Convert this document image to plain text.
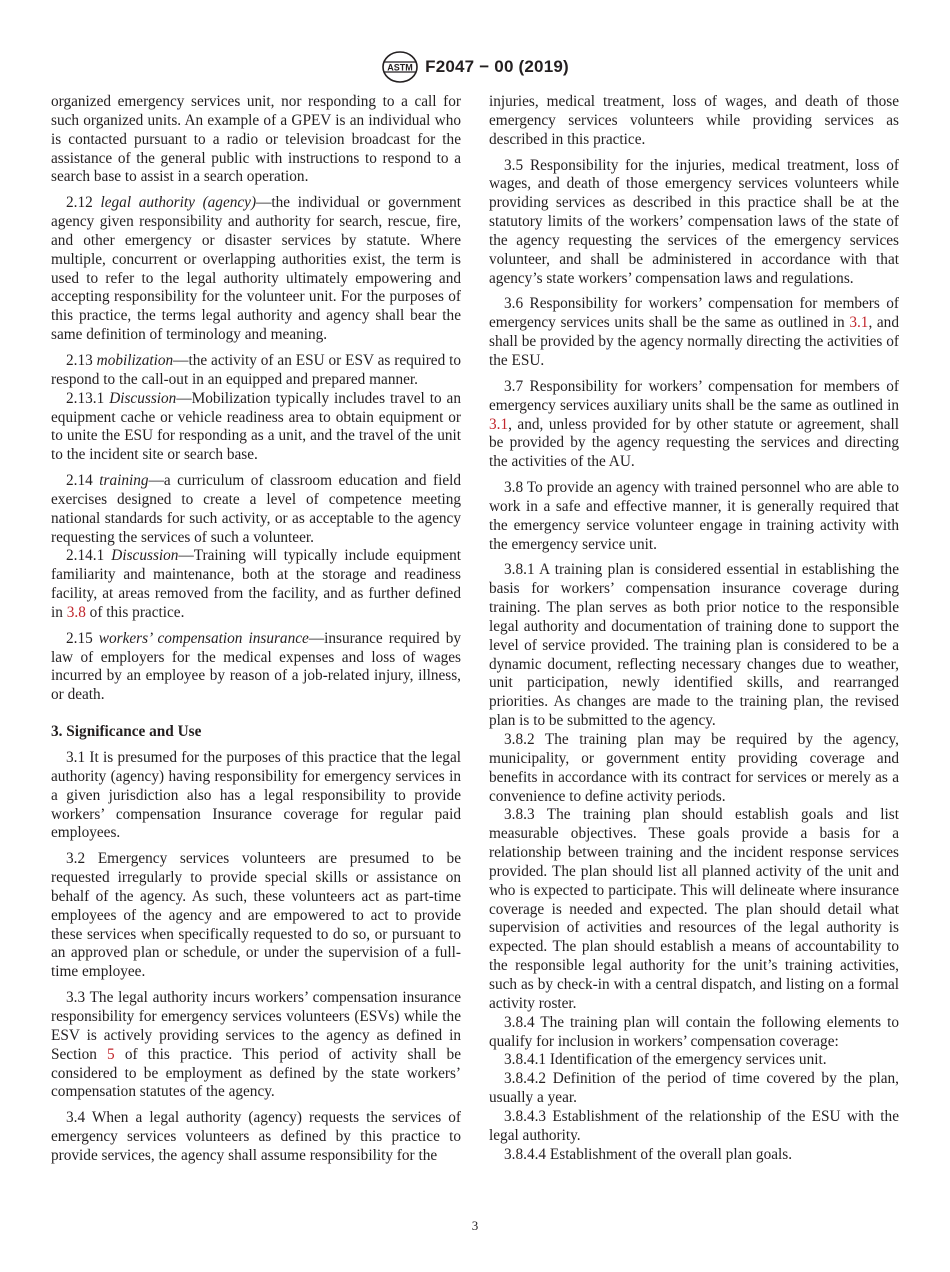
ASTM F2047 − 00 (2019)

organized emergency services unit, nor responding to a call for such organized units. An example of a GPEV is an individual who is contacted pursuant to a radio or television broadcast for the assistance of the general public with instructions to respond to a search base to assist in a search operation.

2.12 legal authority (agency)—the individual or government agency given responsibility and authority for search, rescue, fire, and other emergency or disaster services by statute. Where multiple, concurrent or overlapping authorities exist, the term is used to refer to the legal authority ultimately empowering and accepting responsibility for the volunteer unit. For the purposes of this practice, the terms legal authority and agency shall bear the same definition of terminology and meaning.

2.13 mobilization—the activity of an ESU or ESV as required to respond to the call-out in an equipped and prepared manner.

2.13.1 Discussion—Mobilization typically includes travel to an equipment cache or vehicle readiness area to obtain equipment or to unite the ESU for responding as a unit, and the travel of the unit to the incident site or search base.

2.14 training—a curriculum of classroom education and field exercises designed to create a level of competence meeting national standards for such activity, or as acceptable to the agency requesting the services of such a volunteer.

2.14.1 Discussion—Training will typically include equipment familiarity and maintenance, both at the storage and readiness facility, at areas removed from the facility, and as further defined in 3.8 of this practice.

2.15 workers’ compensation insurance—insurance required by law of employers for the medical expenses and loss of wages incurred by an employee by reason of a job-related injury, illness, or death.

3. Significance and Use

3.1 It is presumed for the purposes of this practice that the legal authority (agency) having responsibility for emergency services in a given jurisdiction also has a legal responsibility to provide workers’ compensation Insurance coverage for regular paid employees.

3.2 Emergency services volunteers are presumed to be requested irregularly to provide special skills or assistance on behalf of the agency. As such, these volunteers act as part-time employees of the agency and are empowered to act to provide these services when specifically requested to do so, or pursuant to an approved plan or schedule, or under the supervision of a full-time employee.

3.3 The legal authority incurs workers’ compensation insurance responsibility for emergency services volunteers (ESVs) while the ESV is actively providing services to the agency as defined in Section 5 of this practice. This period of activity shall be considered to be employment as defined by the state workers’ compensation statutes of the agency.

3.4 When a legal authority (agency) requests the services of emergency services volunteers as defined by this practice to provide services, the agency shall assume responsibility for the

injuries, medical treatment, loss of wages, and death of those emergency services volunteers while providing services as described in this practice.

3.5 Responsibility for the injuries, medical treatment, loss of wages, and death of those emergency services volunteers while providing services as described in this practice shall be at the statutory limits of the workers’ compensation laws of the state of the agency requesting the services of the emergency services volunteer, and shall be administered in accordance with that agency’s state workers’ compensation laws and regulations.

3.6 Responsibility for workers’ compensation for members of emergency services units shall be the same as outlined in 3.1, and shall be provided by the agency normally directing the activities of the ESU.

3.7 Responsibility for workers’ compensation for members of emergency services auxiliary units shall be the same as outlined in 3.1, and, unless provided for by other statute or agreement, shall be provided by the agency requesting the services and directing the activities of the AU.

3.8 To provide an agency with trained personnel who are able to work in a safe and effective manner, it is generally required that the emergency service volunteer engage in training activity with the emergency service unit.

3.8.1 A training plan is considered essential in establishing the basis for workers’ compensation insurance coverage during training. The plan serves as both prior notice to the responsible legal authority and documentation of training done to support the level of service provided. The training plan is considered to be a dynamic document, reflecting necessary changes due to weather, unit participation, newly identified skills, and rearranged priorities. As changes are made to the training plan, the revised plan is to be submitted to the agency.

3.8.2 The training plan may be required by the agency, municipality, or government entity providing coverage and benefits in accordance with its contract for services or merely as a convenience to define activity periods.

3.8.3 The training plan should establish goals and list measurable objectives. These goals provide a basis for a relationship between training and the incident response services provided. The plan should list all planned activity of the unit and who is expected to participate. This will delineate where insurance coverage is needed and expected. The plan should detail what supervision of activities and resources of the legal authority is expected. The plan should establish a means of accountability to the responsible legal authority for the unit’s training activities, such as by check-in with a central dispatch, and listing on a formal activity roster.

3.8.4 The training plan will contain the following elements to qualify for inclusion in workers’ compensation coverage:

3.8.4.1 Identification of the emergency services unit.

3.8.4.2 Definition of the period of time covered by the plan, usually a year.

3.8.4.3 Establishment of the relationship of the ESU with the legal authority.

3.8.4.4 Establishment of the overall plan goals.

3
